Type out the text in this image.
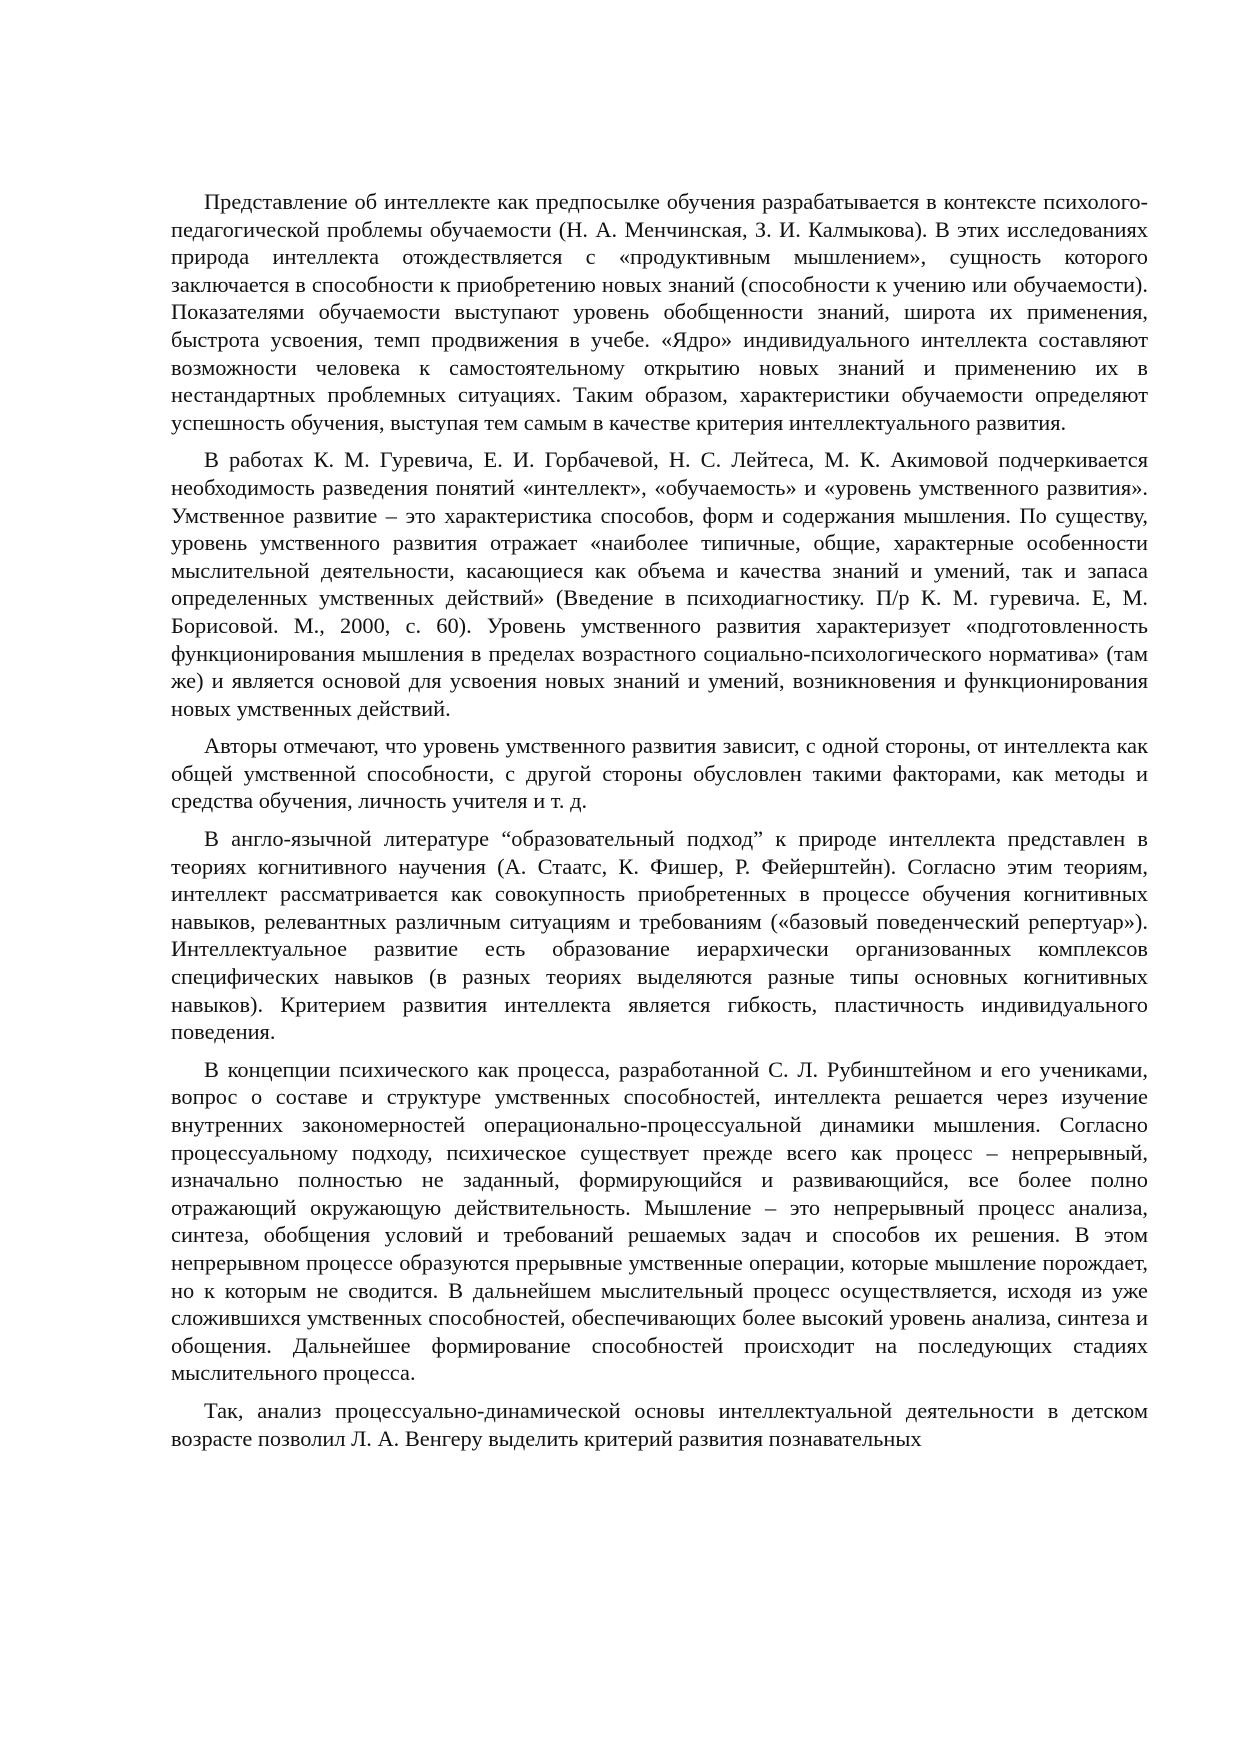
Представление об интеллекте как предпосылке обучения разрабатывается в контексте психолого-педагогической проблемы обучаемости (Н. А. Менчинская, З. И. Калмыкова). В этих исследованиях природа интеллекта отождествляется с «продуктивным мышлением», сущность которого заключается в способности к приобретению новых знаний (способности к учению или обучаемости). Показателями обучаемости выступают уровень обобщенности знаний, широта их применения, быстрота усвоения, темп продвижения в учебе. «Ядро» индивидуального интеллекта составляют возможности человека к самостоятельному открытию новых знаний и применению их в нестандартных проблемных ситуациях. Таким образом, характеристики обучаемости определяют успешность обучения, выступая тем самым в качестве критерия интеллектуального развития.

В работах К. М. Гуревича, Е. И. Горбачевой, Н. С. Лейтеса, М. К. Акимовой подчеркивается необходимость разведения понятий «интеллект», «обучаемость» и «уровень умственного развития». Умственное развитие – это характеристика способов, форм и содержания мышления. По существу, уровень умственного развития отражает «наиболее типичные, общие, характерные особенности мыслительной деятельности, касающиеся как объема и качества знаний и умений, так и запаса определенных умственных действий» (Введение в психодиагностику. П/р К. М. гуревича. Е, М. Борисовой. М., 2000, с. 60). Уровень умственного развития характеризует «подготовленность функционирования мышления в пределах возрастного социально-психологического норматива» (там же) и является основой для усвоения новых знаний и умений, возникновения и функционирования новых умственных действий.

Авторы отмечают, что уровень умственного развития зависит, с одной стороны, от интеллекта как общей умственной способности, с другой стороны обусловлен такими факторами, как методы и средства обучения, личность учителя и т. д.

В англо-язычной литературе “образовательный подход” к природе интеллекта представлен в теориях когнитивного научения (А. Стаатс, К. Фишер, Р. Фейерштейн). Согласно этим теориям, интеллект рассматривается как совокупность приобретенных в процессе обучения когнитивных навыков, релевантных различным ситуациям и требованиям («базовый поведенческий репертуар»). Интеллектуальное развитие есть образование иерархически организованных комплексов специфических навыков (в разных теориях выделяются разные типы основных когнитивных навыков). Критерием развития интеллекта является гибкость, пластичность индивидуального поведения.

В концепции психического как процесса, разработанной С. Л. Рубинштейном и его учениками, вопрос о составе и структуре умственных способностей, интеллекта решается через изучение внутренних закономерностей операционально-процессуальной динамики мышления. Согласно процессуальному подходу, психическое существует прежде всего как процесс – непрерывный, изначально полностью не заданный, формирующийся и развивающийся, все более полно отражающий окружающую действительность. Мышление – это непрерывный процесс анализа, синтеза, обобщения условий и требований решаемых задач и способов их решения. В этом непрерывном процессе образуются прерывные умственные операции, которые мышление порождает, но к которым не сводится. В дальнейшем мыслительный процесс осуществляется, исходя из уже сложившихся умственных способностей, обеспечивающих более высокий уровень анализа, синтеза и обощения. Дальнейшее формирование способностей происходит на последующих стадиях мыслительного процесса.

Так, анализ процессуально-динамической основы интеллектуальной деятельности в детском возрасте позволил Л. А. Венгеру выделить критерий развития познавательных
